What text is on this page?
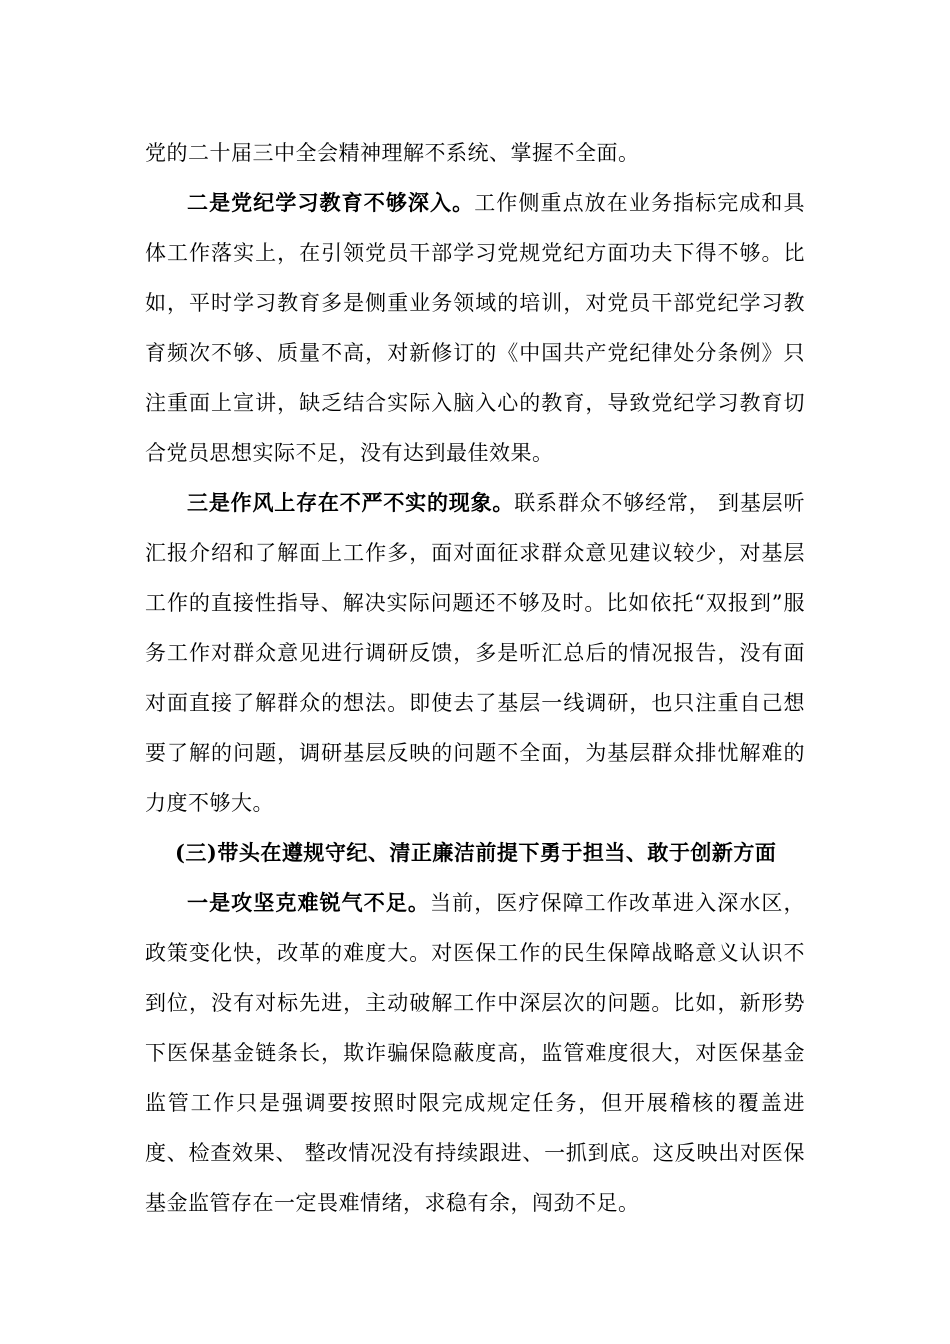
党的二十届三中全会精神理解不系统、掌握不全面。

二是党纪学习教育不够深入。工作侧重点放在业务指标完成和具体工作落实上，在引领党员干部学习党规党纪方面功夫下得不够。比如，平时学习教育多是侧重业务领域的培训，对党员干部党纪学习教育频次不够、质量不高，对新修订的《中国共产党纪律处分条例》只注重面上宣讲，缺乏结合实际入脑入心的教育，导致党纪学习教育切合党员思想实际不足，没有达到最佳效果。

三是作风上存在不严不实的现象。联系群众不够经常， 到基层听汇报介绍和了解面上工作多，面对面征求群众意见建议较少，对基层工作的直接性指导、解决实际问题还不够及时。比如依托“双报到”服务工作对群众意见进行调研反馈，多是听汇总后的情况报告，没有面对面直接了解群众的想法。即使去了基层一线调研，也只注重自己想要了解的问题，调研基层反映的问题不全面，为基层群众排忧解难的力度不够大。

(三)带头在遵规守纪、清正廉洁前提下勇于担当、敢于创新方面

一是攻坚克难锐气不足。当前，医疗保障工作改革进入深水区，政策变化快，改革的难度大。对医保工作的民生保障战略意义认识不到位，没有对标先进，主动破解工作中深层次的问题。比如，新形势下医保基金链条长，欺诈骗保隐蔽度高，监管难度很大，对医保基金监管工作只是强调要按照时限完成规定任务，但开展稽核的覆盖进度、检查效果、 整改情况没有持续跟进、一抓到底。这反映出对医保基金监管存在一定畏难情绪，求稳有余，闯劲不足。
